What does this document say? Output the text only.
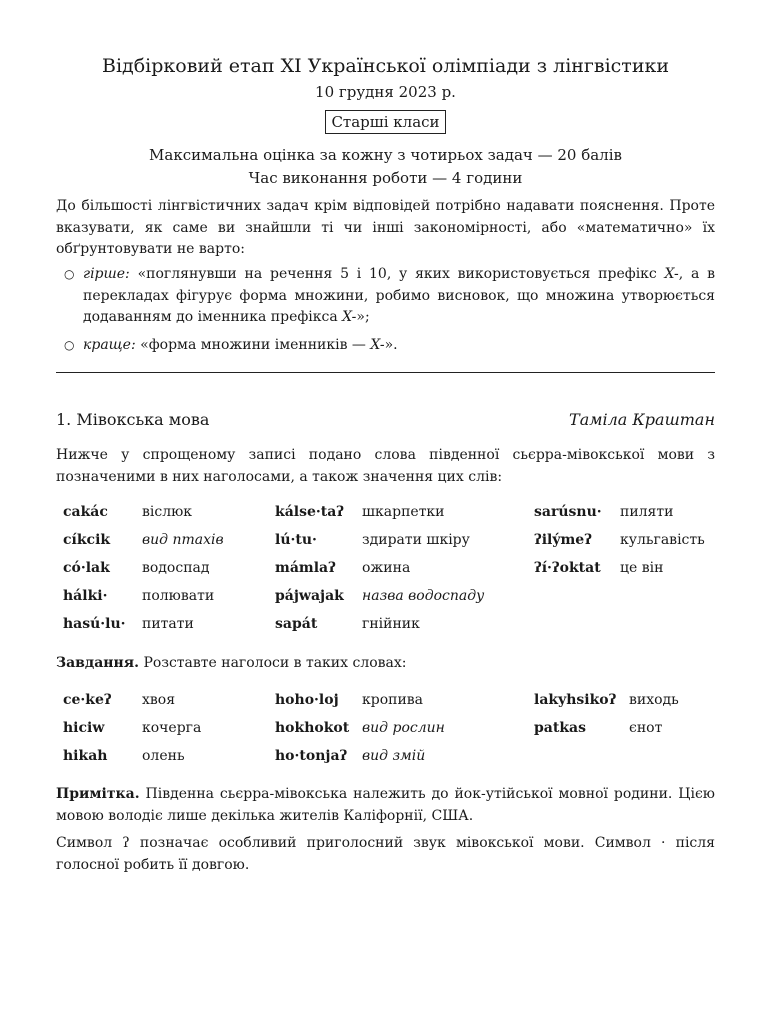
Відбірковий етап XI Української олімпіади з лінгвістики
10 грудня 2023 р.
Старші класи
Максимальна оцінка за кожну з чотирьох задач — 20 балів
Час виконання роботи — 4 години

До більшості лінгвістичних задач крім відповідей потрібно надавати пояснення. Проте вказувати, як саме ви знайшли ті чи інші закономірності, або «математично» їх обґрунтовувати не варто:

○ гірше: «поглянувши на речення 5 і 10, у яких використовується префікс X-, а в перекладах фігурує форма множини, робимо висновок, що множина утворюється додаванням до іменника префікса X-»;
○ краще: «форма множини іменників — X-».
1. Мівокська мова	Таміла Краштан

Нижче у спрощеному записі подано слова південної сьєрра-мівокської мови з позначеними в них наголосами, а також значення цих слів:

cakác віслюк	kálse·taʔ шкарпетки	sarúsnu· пиляти
cíkcik вид птахів	lú·tu·	здирати шкіру	ʔilýmeʔ кульгавість
có·lak водоспад	mámlaʔ ожина	ʔí·ʔoktat це він
hálki· полювати	pájwajak назва водоспаду
hasú·lu· питати	sapát	гнійник

Завдання. Розставте наголоси в таких словах:

ce·keʔ хвоя	hoho·loj кропива	lakyhsikoʔ виходь
hiciw	кочерга	hokhokot вид рослин	patkas	єнот
hikah олень	ho·tonjaʔ вид змій

Примітка. Південна сьєрра-мівокська належить до йок-утійської мовної родини. Цією мовою володіє лише декілька жителів Каліфорнії, США.

Символ ʔ позначає особливий приголосний звук мівокської мови. Символ · після голосної робить її довгою.
